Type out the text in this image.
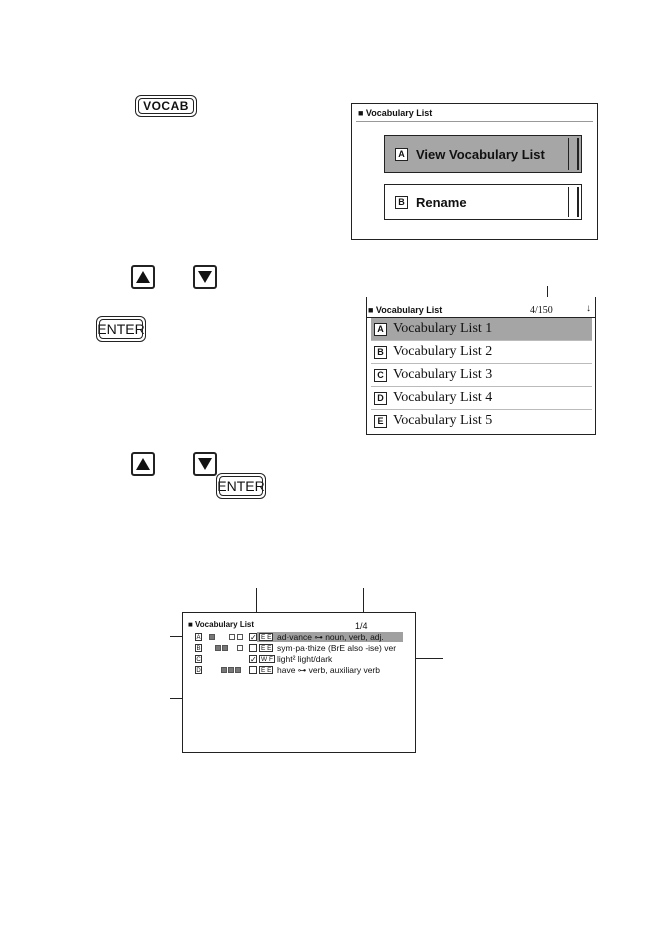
VOCAB	■ Vocabulary List
A View Vocabulary List
B Rename
ENTER
■ Vocabulary List	4/150	↓
A Vocabulary List 1
B Vocabulary List 2
C Vocabulary List 3
D Vocabulary List 4
E Vocabulary List 5
ENTER
■ Vocabulary List	1/4
A	✓ E E ad·vance ⊶ noun, verb, adj.
B	E E sym·pa·thize (BrE also -ise) ver
C	✓ W F light² light/dark
D	E E have ⊶ verb, auxiliary verb
